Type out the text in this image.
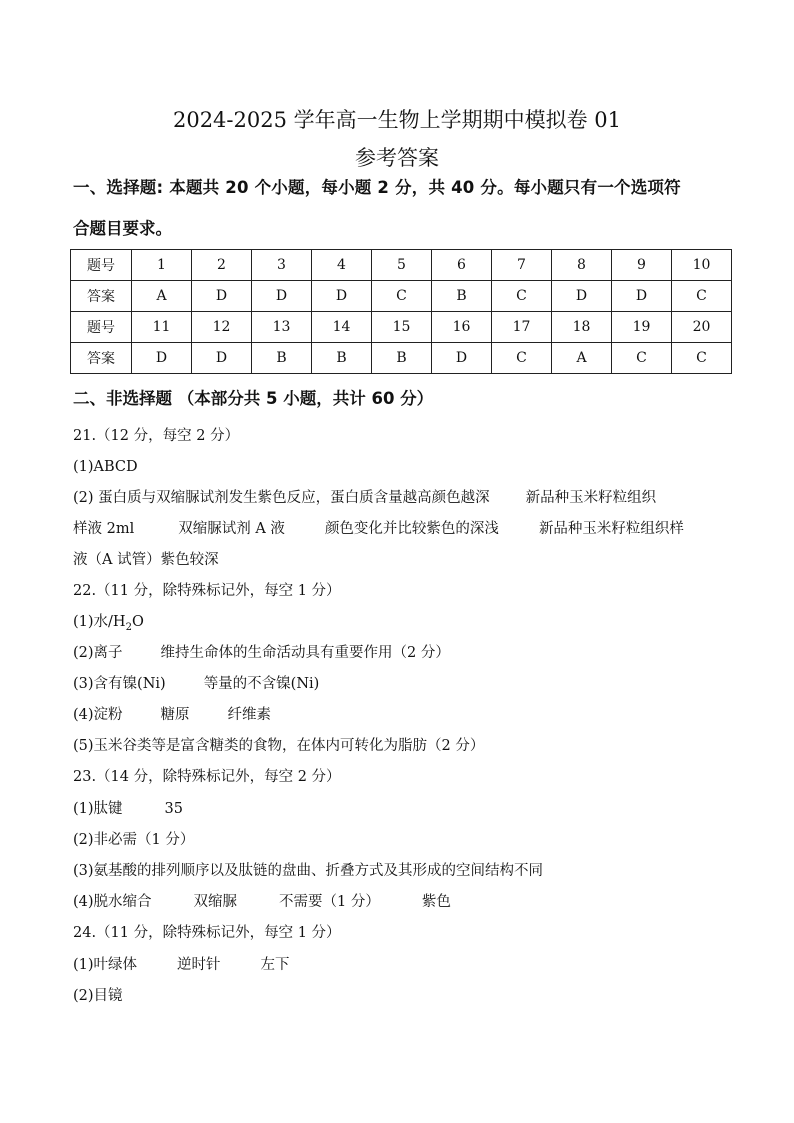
2024-2025 学年高一生物上学期期中模拟卷 01
参考答案
一、选择题: 本题共 20 个小题，每小题 2 分，共 40 分。每小题只有一个选项符
合题目要求。
题号	1	2	3	4	5	6	7	8	9	10
答案	A	D	D	D	C	B	C	D	D	C
题号	11	12	13	14	15	16	17	18	19	20
答案	D	D	B	B	B	D	C	A	C	C
二、非选择题 （本部分共 5 小题，共计 60 分）
21.（12 分，每空 2 分）
(1)ABCD
(2) 蛋白质与双缩脲试剂发生紫色反应，蛋白质含量越高颜色越深 新品种玉米籽粒组织
样液 2ml	双缩脲试剂 A 液	颜色变化并比较紫色的深浅	新品种玉米籽粒组织样
液（A 试管）紫色较深
22.（11 分，除特殊标记外，每空 1 分）
(1)水$/H_2O$
(2)离子	维持生命体的生命活动具有重要作用（2 分）
(3)含有镍(Ni)	等量的不含镍(Ni)
(4)淀粉	糖原	纤维素
(5)玉米谷类等是富含糖类的食物，在体内可转化为脂肪（2 分）
23.（14 分，除特殊标记外，每空 2 分）
(1)肽键	35
(2)非必需（1 分）
(3)氨基酸的排列顺序以及肽链的盘曲、折叠方式及其形成的空间结构不同
(4)脱水缩合	双缩脲	不需要（1 分）	紫色
24.（11 分，除特殊标记外，每空 1 分）
(1)叶绿体	逆时针	左下
(2)目镜
